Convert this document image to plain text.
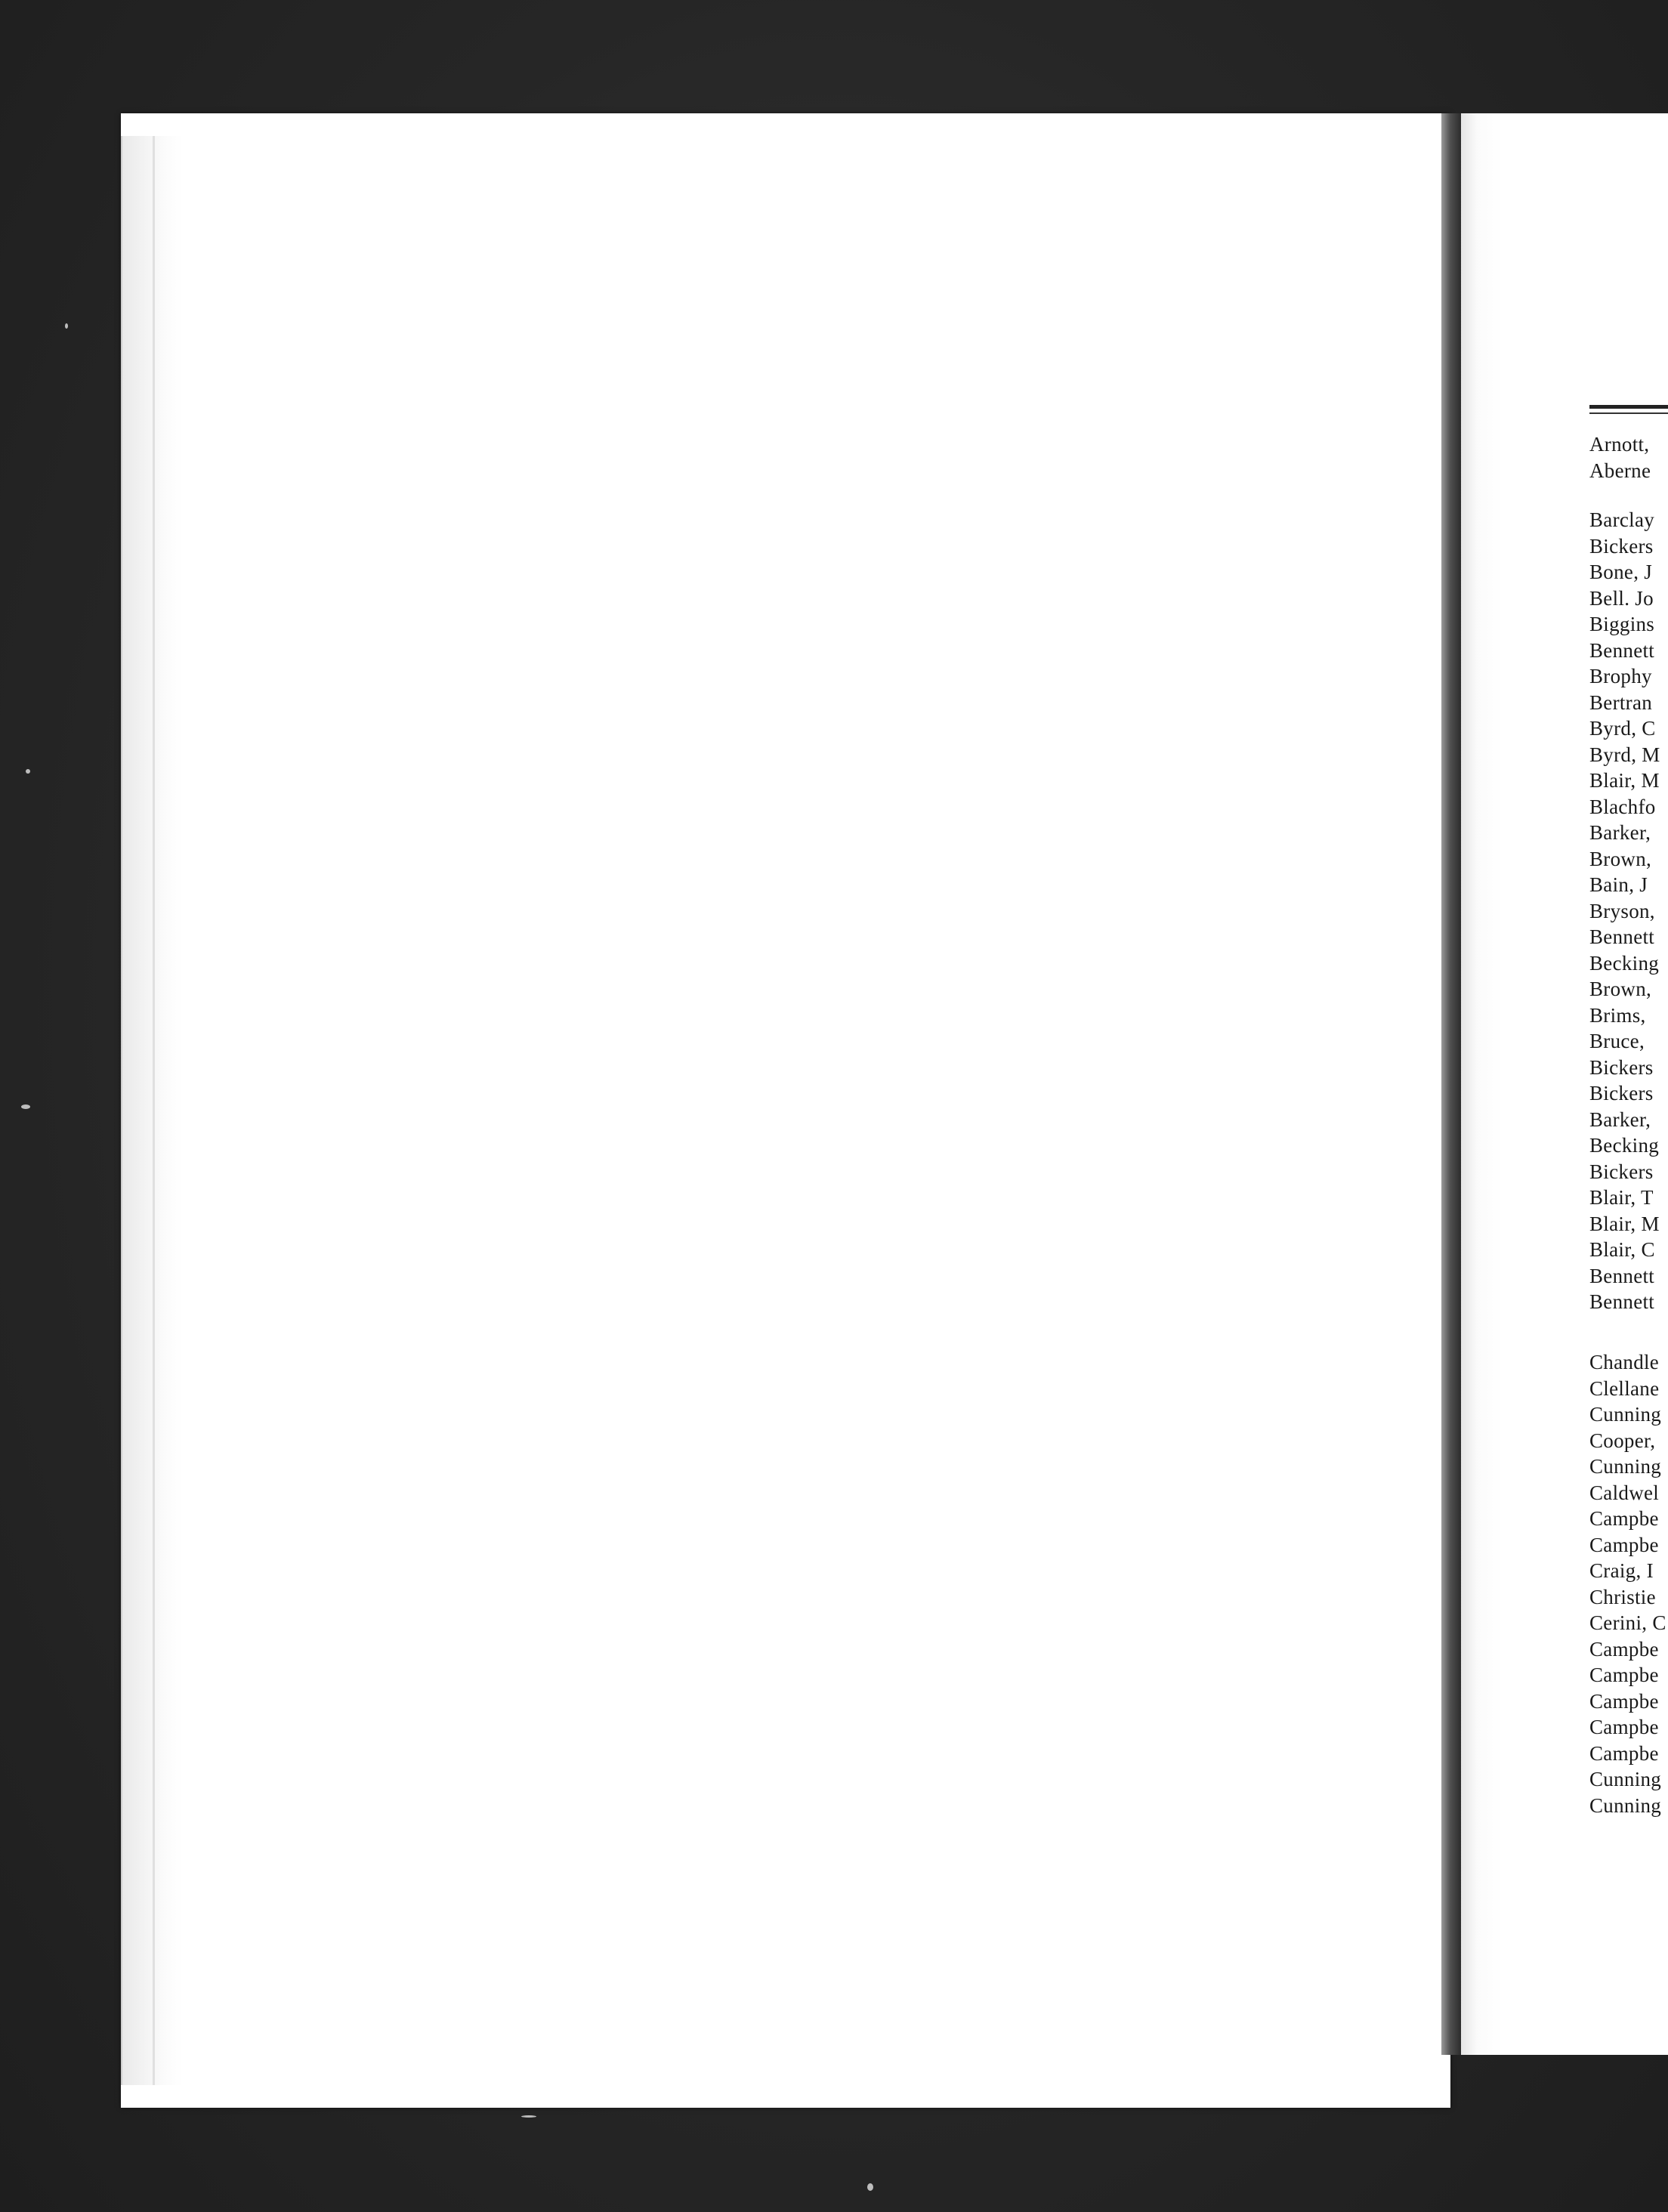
Arnott,
Aberne
Barclay
Bickers
Bone, J
Bell. Jo
Biggins
Bennett
Brophy
Bertran
Byrd, C
Byrd, M
Blair, M
Blachfo
Barker,
Brown,
Bain, J
Bryson,
Bennett
Becking
Brown,
Brims,
Bruce,
Bickers
Bickers
Barker,
Becking
Bickers
Blair, T
Blair, M
Blair, C
Bennett
Bennett
Chandle
Clellane
Cunning
Cooper,
Cunning
Caldwel
Campbe
Campbe
Craig, I
Christie
Cerini, C
Campbe
Campbe
Campbe
Campbe
Campbe
Cunning
Cunning
